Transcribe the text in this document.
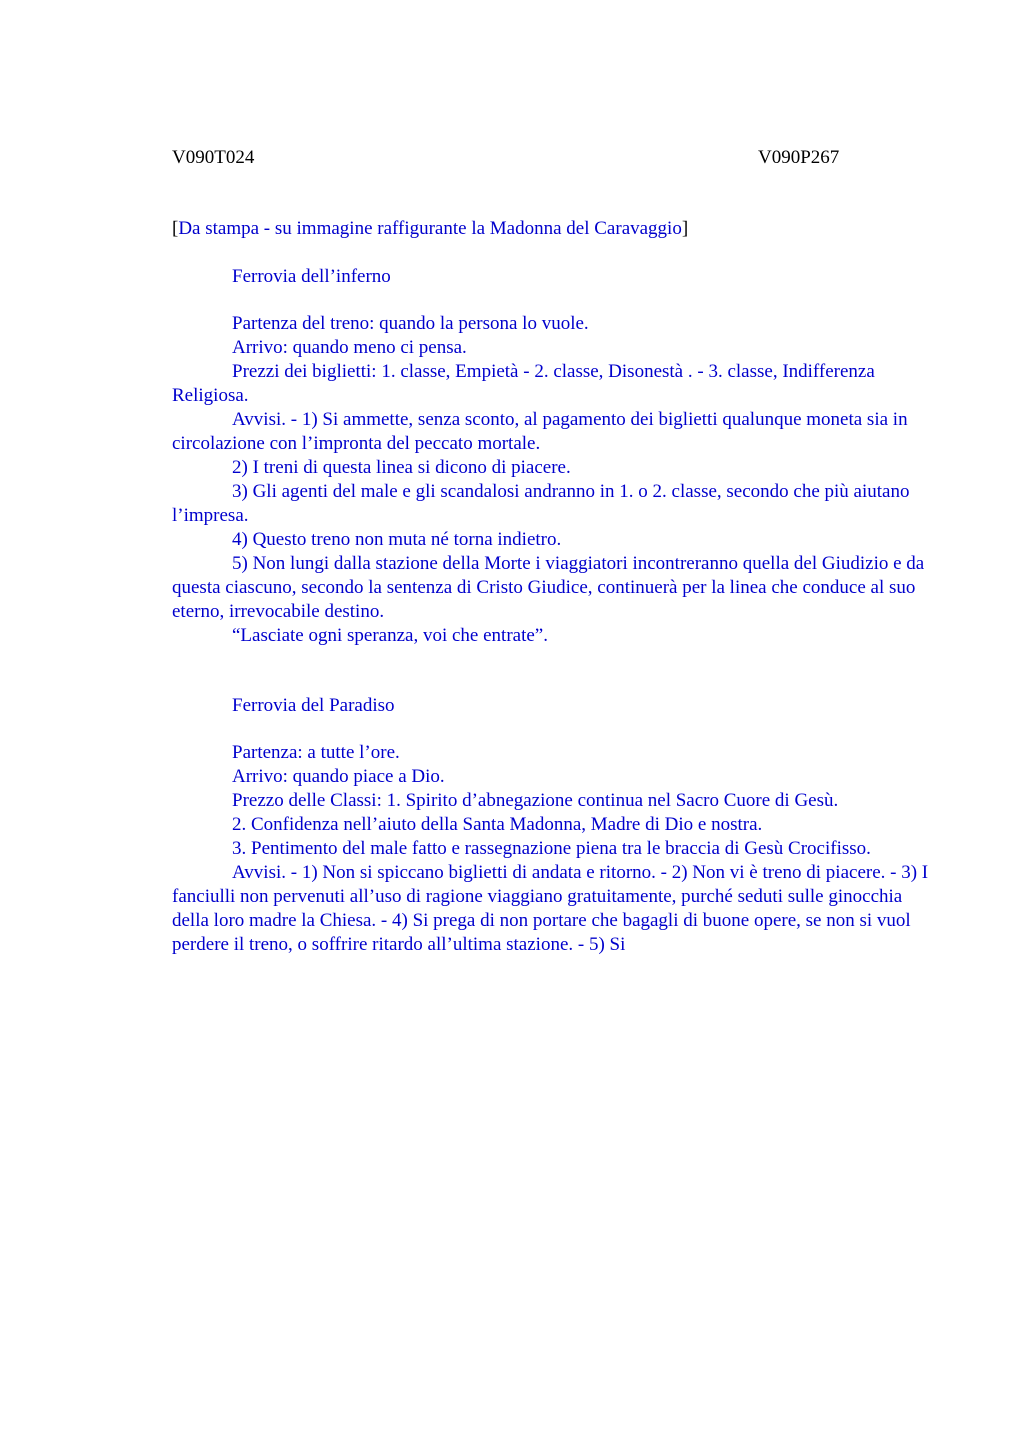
V090T024	V090P267
[Da stampa - su immagine raffigurante la Madonna del Caravaggio]
Ferrovia dell’inferno
Partenza del treno: quando la persona lo vuole.
Arrivo: quando meno ci pensa.
Prezzi dei biglietti: 1. classe, Empietà - 2. classe, Disonestà . - 3. classe, Indifferenza Religiosa.
Avvisi. - 1) Si ammette, senza sconto, al pagamento dei biglietti qualunque moneta sia in circolazione con l’impronta del peccato mortale.
2) I treni di questa linea si dicono di piacere.
3) Gli agenti del male e gli scandalosi andranno in 1. o 2. classe, secondo che più aiutano l’impresa.
4) Questo treno non muta né torna indietro.
5) Non lungi dalla stazione della Morte i viaggiatori incontreranno quella del Giudizio e da questa ciascuno, secondo la sentenza di Cristo Giudice, continuerà per la linea che conduce al suo eterno, irrevocabile destino.
“Lasciate ogni speranza, voi che entrate”.
Ferrovia del Paradiso
Partenza: a tutte l’ore.
Arrivo: quando piace a Dio.
Prezzo delle Classi: 1. Spirito d’abnegazione continua nel Sacro Cuore di Gesù.
2. Confidenza nell’aiuto della Santa Madonna, Madre di Dio e nostra.
3. Pentimento del male fatto e rassegnazione piena tra le braccia di Gesù Crocifisso.
Avvisi. - 1) Non si spiccano biglietti di andata e ritorno. - 2) Non vi è treno di piacere. - 3) I fanciulli non pervenuti all’uso di ragione viaggiano gratuitamente, purché seduti sulle ginocchia della loro madre la Chiesa. - 4) Si prega di non portare che bagagli di buone opere, se non si vuol perdere il treno, o soffrire ritardo all’ultima stazione. - 5) Si
